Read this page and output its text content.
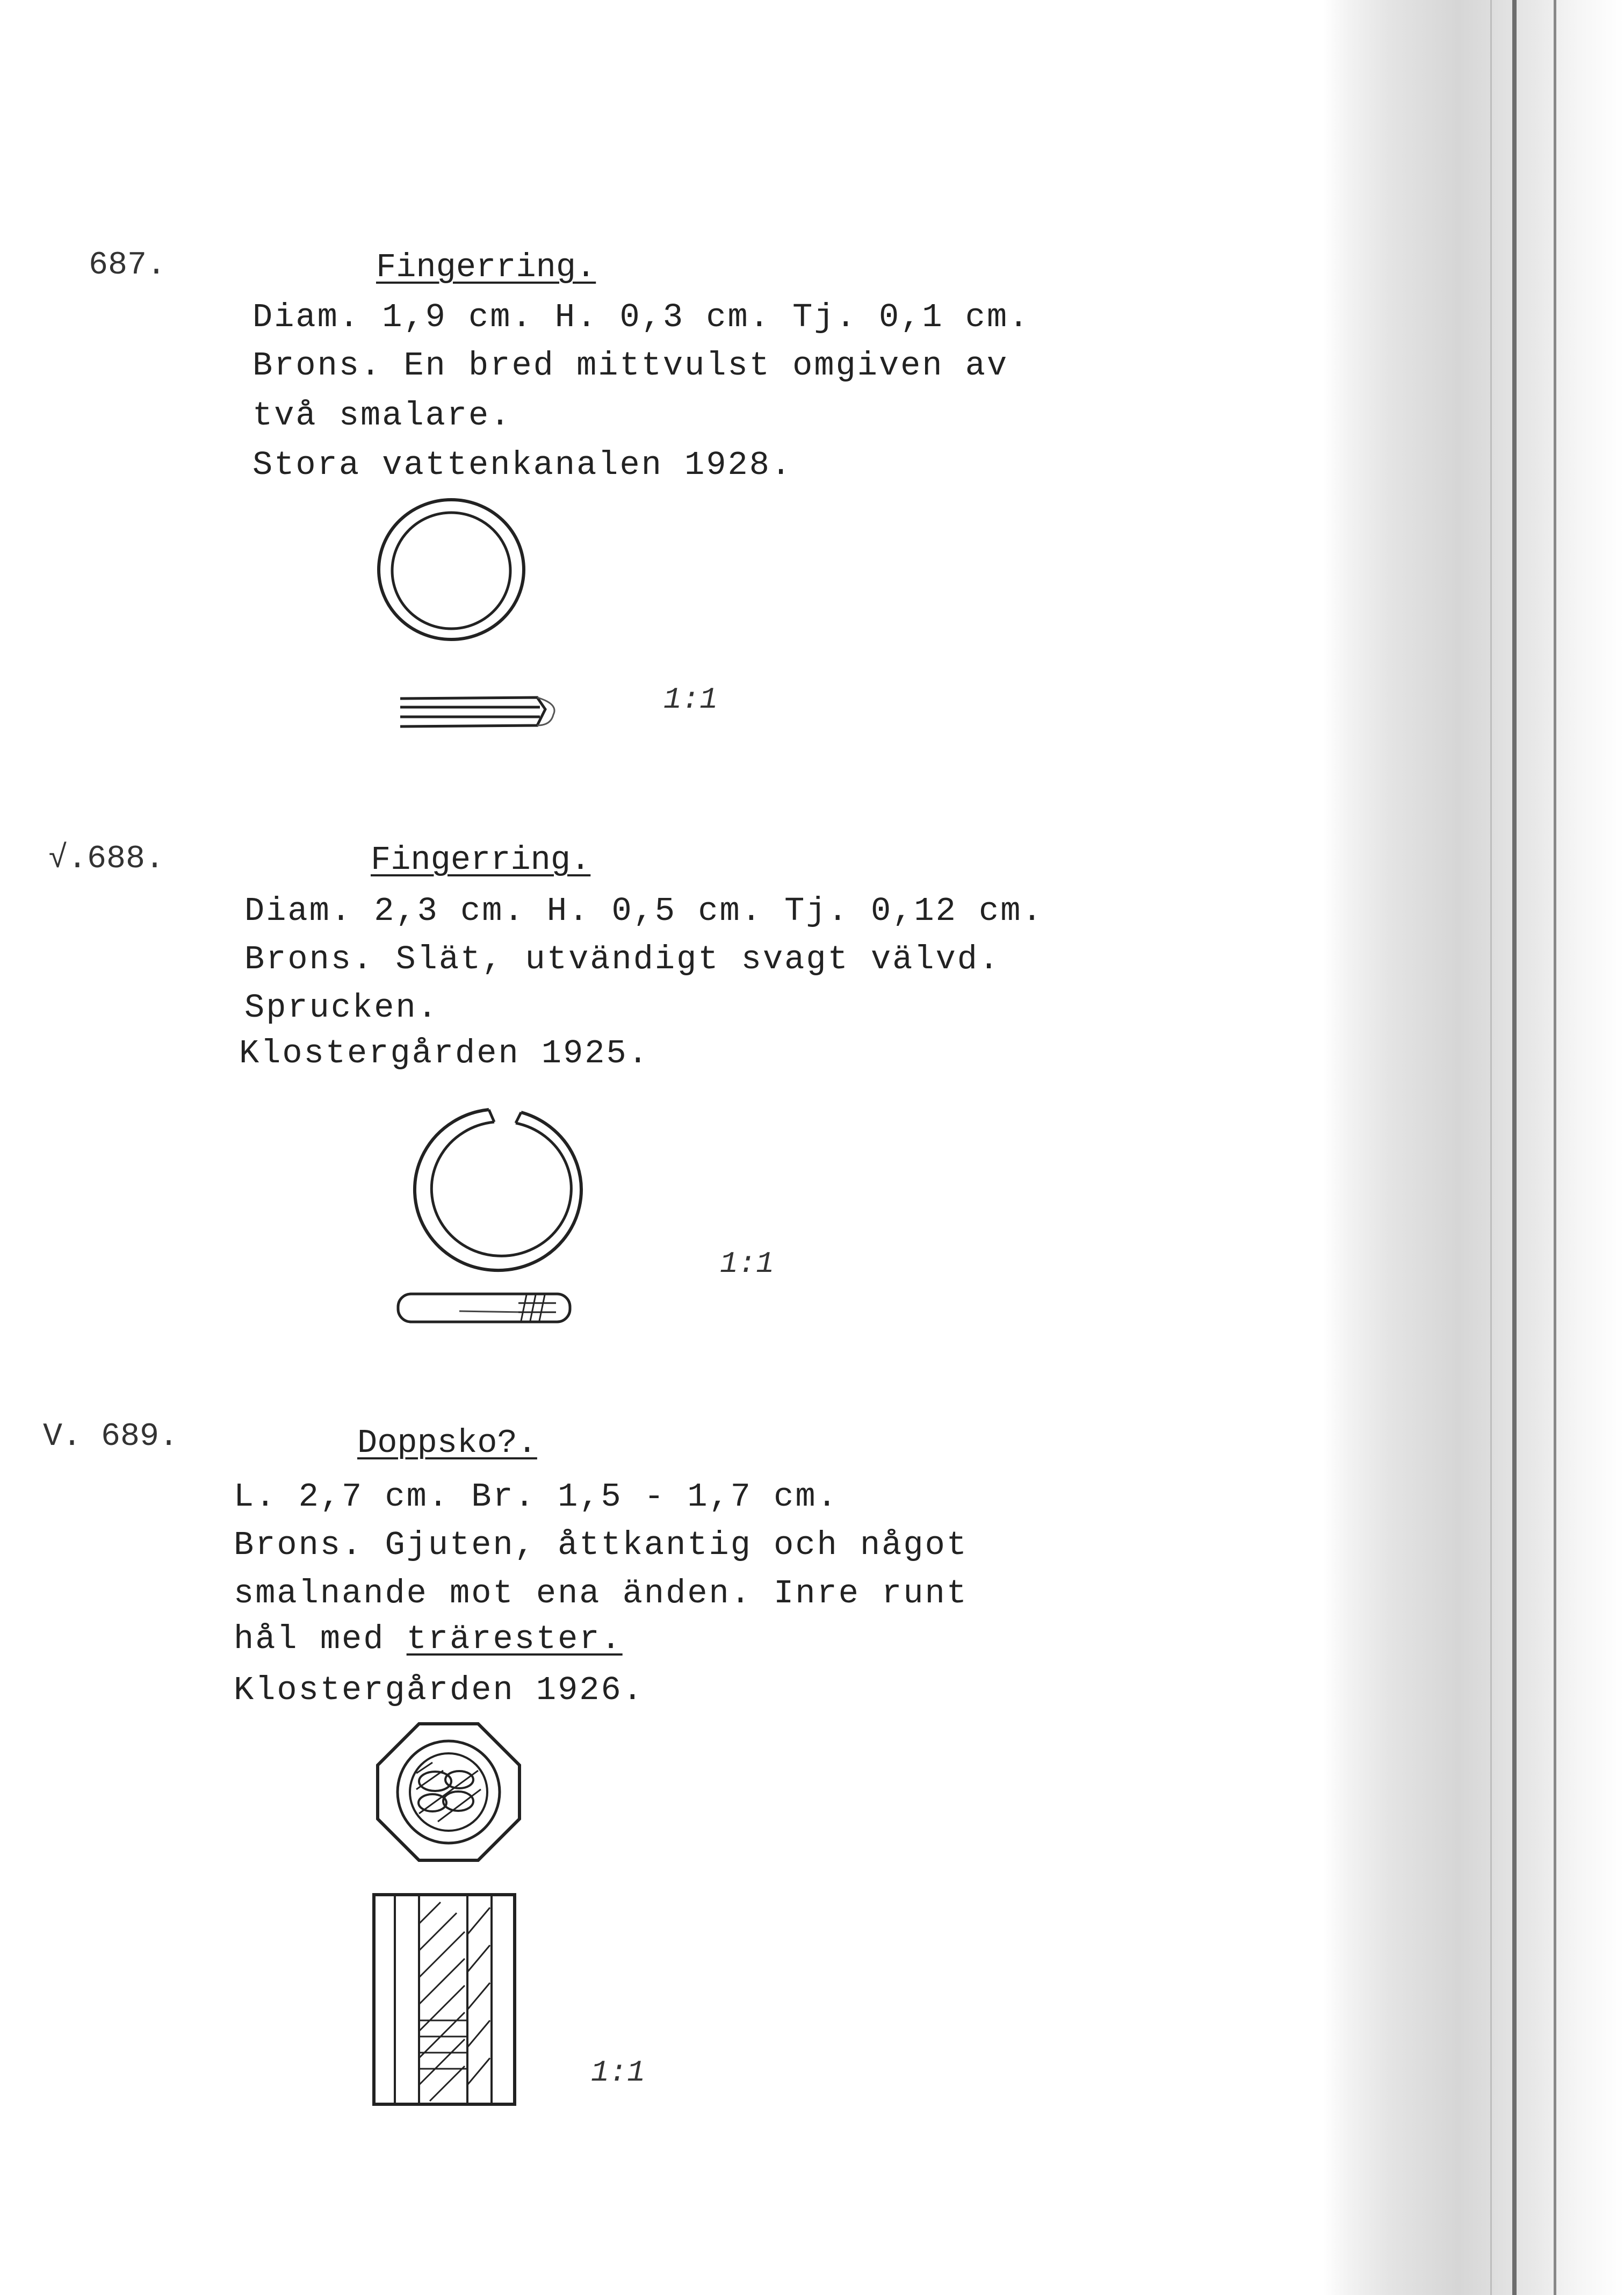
687.	Fingerring.
Diam. 1,9 cm. H. 0,3 cm. Tj. 0,1 cm.
Brons. En bred mittvulst omgiven av
två smalare.
Stora vattenkanalen 1928.
1:1
√.688.	Fingerring.
Diam. 2,3 cm. H. 0,5 cm. Tj. 0,12 cm.
Brons. Slät, utvändigt svagt välvd.
Sprucken.
Klostergården 1925.
1:1
V. 689.	Doppsko?.
L. 2,7 cm. Br. 1,5 - 1,7 cm.
Brons. Gjuten, åttkantig och något
smalnande mot ena änden. Inre runt
hål med trärester.
Klostergården 1926.
1:1
